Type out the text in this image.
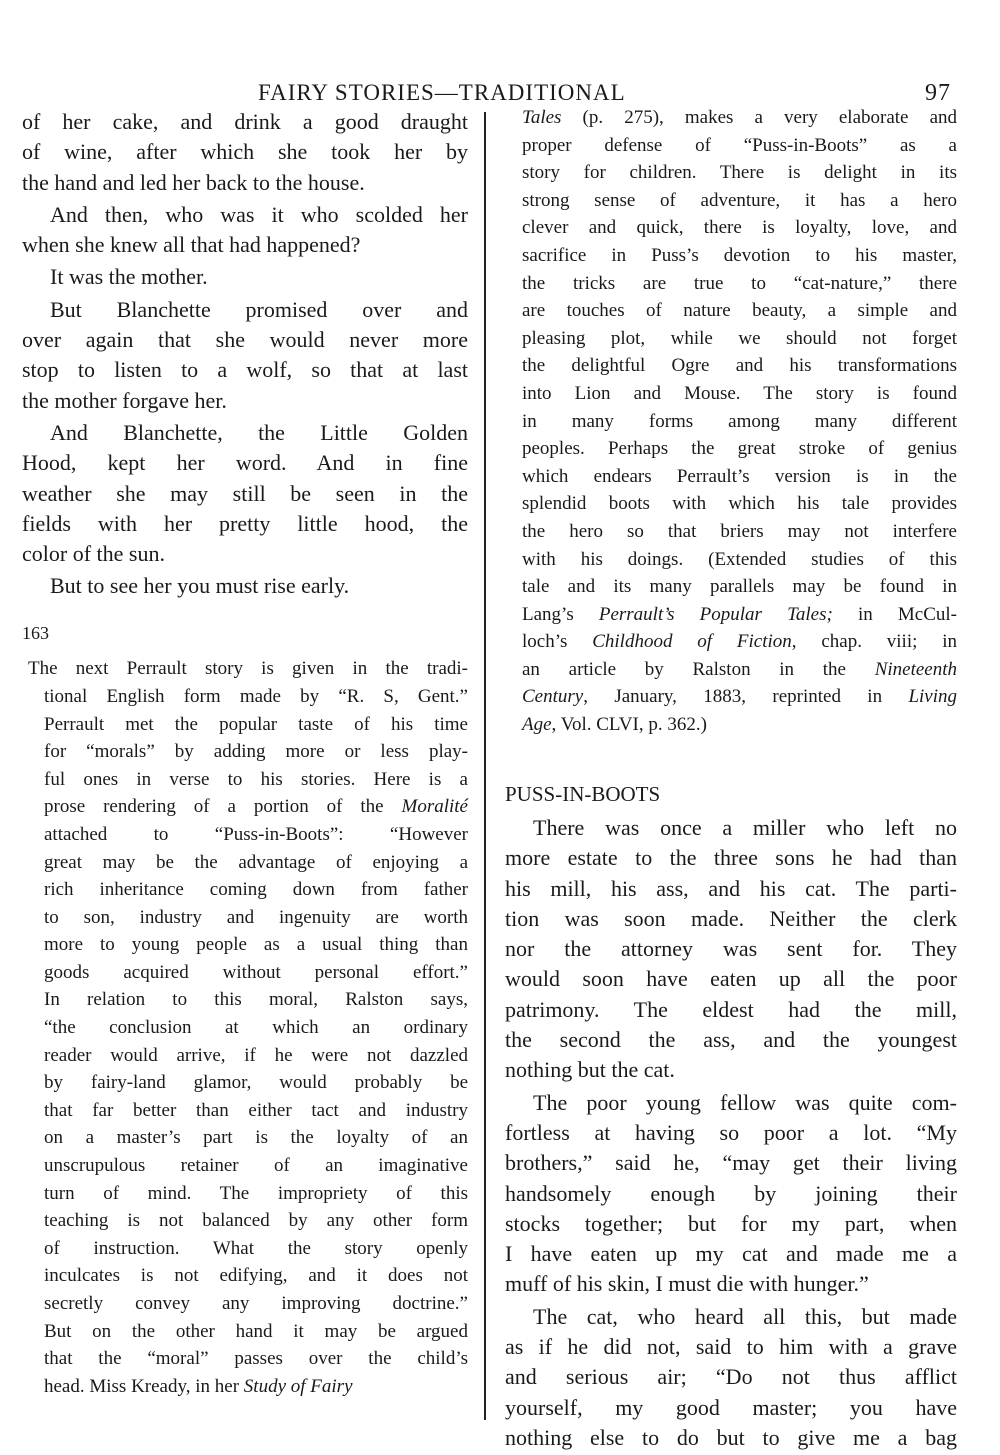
FAIRY STORIES—TRADITIONAL	97
of her cake, and drink a good draught
of wine, after which she took her by
the hand and led her back to the house.
And then, who was it who scolded her
when she knew all that had happened?
It was the mother.
But Blanchette promised over and
over again that she would never more
stop to listen to a wolf, so that at last
the mother forgave her.
And Blanchette, the Little Golden
Hood, kept her word. And in fine
weather she may still be seen in the
fields with her pretty little hood, the
color of the sun.
But to see her you must rise early.
163
The next Perrault story is given in the tradi-
tional English form made by “R. S, Gent.”
Perrault met the popular taste of his time
for “morals” by adding more or less play-
ful ones in verse to his stories. Here is a
prose rendering of a portion of the Moralité
attached to “Puss-in-Boots”: “However
great may be the advantage of enjoying a
rich inheritance coming down from father
to son, industry and ingenuity are worth
more to young people as a usual thing than
goods acquired without personal effort.”
In relation to this moral, Ralston says,
“the conclusion at which an ordinary
reader would arrive, if he were not dazzled
by fairy-land glamor, would probably be
that far better than either tact and industry
on a master’s part is the loyalty of an
unscrupulous retainer of an imaginative
turn of mind. The impropriety of this
teaching is not balanced by any other form
of instruction. What the story openly
inculcates is not edifying, and it does not
secretly convey any improving doctrine.”
But on the other hand it may be argued
that the “moral” passes over the child’s
head. Miss Kready, in her Study of Fairy
Tales (p. 275), makes a very elaborate and
proper defense of “Puss-in-Boots” as a
story for children. There is delight in its
strong sense of adventure, it has a hero
clever and quick, there is loyalty, love, and
sacrifice in Puss’s devotion to his master,
the tricks are true to “cat-nature,” there
are touches of nature beauty, a simple and
pleasing plot, while we should not forget
the delightful Ogre and his transformations
into Lion and Mouse. The story is found
in many forms among many different
peoples. Perhaps the great stroke of genius
which endears Perrault’s version is in the
splendid boots with which his tale provides
the hero so that briers may not interfere
with his doings. (Extended studies of this
tale and its many parallels may be found in
Lang’s Perrault’s Popular Tales; in McCul-
loch’s Childhood of Fiction, chap. viii; in
an article by Ralston in the Nineteenth
Century, January, 1883, reprinted in Living
Age, Vol. CLVI, p. 362.)
PUSS-IN-BOOTS
There was once a miller who left no
more estate to the three sons he had than
his mill, his ass, and his cat. The parti-
tion was soon made. Neither the clerk
nor the attorney was sent for. They
would soon have eaten up all the poor
patrimony. The eldest had the mill,
the second the ass, and the youngest
nothing but the cat.
The poor young fellow was quite com-
fortless at having so poor a lot. “My
brothers,” said he, “may get their living
handsomely enough by joining their
stocks together; but for my part, when
I have eaten up my cat and made me a
muff of his skin, I must die with hunger.”
The cat, who heard all this, but made
as if he did not, said to him with a grave
and serious air; “Do not thus afflict
yourself, my good master; you have
nothing else to do but to give me a bag
